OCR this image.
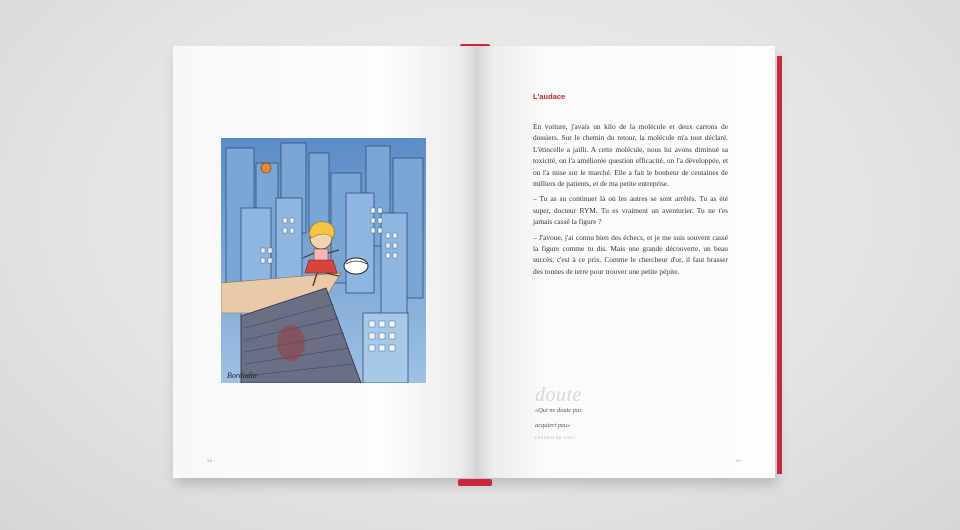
Bordadin
38
L'audace

En voiture, j'avais un kilo de la molécule et deux cartons de dossiers. Sur le chemin du retour, la molécule m'a tout déclaré. L'étincelle a jailli. A cette molécule, nous lui avons diminué sa toxicité, on l'a améliorée question efficacité, on l'a développée, et on l'a mise sur le marché. Elle a fait le bonheur de centaines de milliers de patients, et de ma petite entreprise.

– Tu as su continuer là où les autres se sont arrêtés. Tu as été super, docteur RYM. Tu es vraiment un aventurier. Tu ne t'es jamais cassé la figure ?

– J'avoue, j'ai connu bien des échecs, et je me suis souvent cassé la figure comme tu dis. Mais une grande découverte, un beau succès, c'est à ce prix. Comme le chercheur d'or, il faut brasser des tonnes de terre pour trouver une petite pépite.

doute
«Qui ne doute pas
acquiert peu»
Leonard de Vinci
39
